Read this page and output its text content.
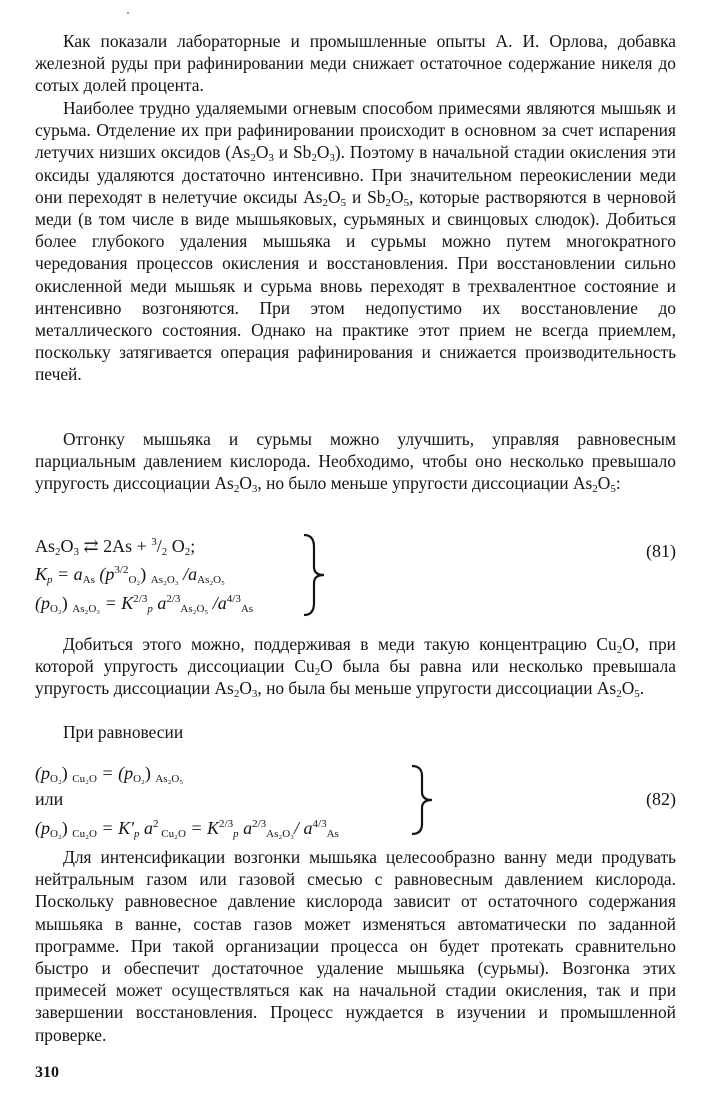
Как показали лабораторные и промышленные опыты А. И. Орлова, добавка железной руды при рафинировании меди снижает остаточное содержание никеля до сотых долей процента.

Наиболее трудно удаляемыми огневым способом примесями являются мышьяк и сурьма. Отделение их при рафинировании происходит в основном за счет испарения летучих низших оксидов ($As_2O_3$ и $Sb_2O_3$). Поэтому в начальной стадии окисления эти оксиды удаляются достаточно интенсивно. При значительном переокислении меди они переходят в нелетучие оксиды $As_2O_5$ и $Sb_2O_5$, которые растворяются в черновой меди (в том числе в виде мышьяковых, сурьмяных и свинцовых слюдок). Добиться более глубокого удаления мышьяка и сурьмы можно путем многократного чередования процессов окисления и восстановления. При восстановлении сильно окисленной меди мышьяк и сурьма вновь переходят в трехвалентное состояние и интенсивно возгоняются. При этом недопустимо их восстановление до металлического состояния. Однако на практике этот прием не всегда приемлем, поскольку затягивается операция рафинирования и снижается производительность печей.

Отгонку мышьяка и сурьмы можно улучшить, управляя равновесным парциальным давлением кислорода. Необходимо, чтобы оно несколько превышало упругость диссоциации $As_2O_3$, но было меньше упругости диссоциации $As_2O_5$:

$As_2O_3$ ⇄ $2As + ^3/_2$ $O_2$;
$K_p = a_{As}$ $(p^{3/2}_{O_2})$ $_{As_2O_3}$ $/a_{As_2O_5}$
$(p_{O_2}) _{As_2O_3} = K^{2/3}_p$ $a^{2/3}_{As_2O_5}$ $/a^{4/3}_{As}$
(81)

Добиться этого можно, поддерживая в меди такую концентрацию $Cu_2O$, при которой упругость диссоциации $Cu_2O$ была бы равна или несколько превышала упругость диссоциации $As_2O_3$, но была бы меньше упругости диссоциации $As_2O_5$.

При равновесии

$(p_{O_2}) _{Cu_2O} = (p_{O_2})$ $_{As_2O_5}$
или
$(p_{O_2}) _{Cu_2O} = K'_p$ $a^2$ $_{Cu_2O} = K^{2/3}_p$ $a^{2/3}_{As_2O_3}/$ $a^{4/3}_{As}$
(82)

Для интенсификации возгонки мышьяка целесообразно ванну меди продувать нейтральным газом или газовой смесью с равновесным давлением кислорода. Поскольку равновесное давление кислорода зависит от остаточного содержания мышьяка в ванне, состав газов может изменяться автоматически по заданной программе. При такой организации процесса он будет протекать сравнительно быстро и обеспечит достаточное удаление мышьяка (сурьмы). Возгонка этих примесей может осуществляться как на начальной стадии окисления, так и при завершении восстановления. Процесс нуждается в изучении и промышленной проверке.

310
